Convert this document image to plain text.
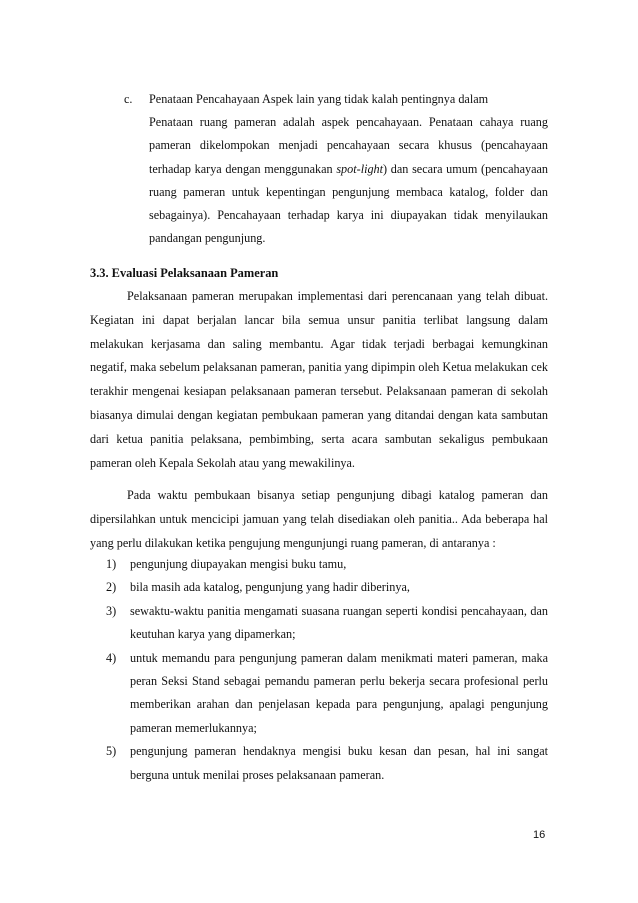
c.	Penataan Pencahayaan Aspek lain yang tidak kalah pentingnya dalam
Penataan ruang pameran adalah aspek pencahayaan. Penataan cahaya ruang pameran dikelompokan menjadi pencahayaan secara khusus (pencahayaan terhadap karya dengan menggunakan spot-light) dan secara umum (pencahayaan ruang pameran untuk kepentingan pengunjung membaca katalog, folder dan sebagainya). Pencahayaan terhadap karya ini diupayakan tidak menyilaukan pandangan pengunjung.
3.3. Evaluasi Pelaksanaan Pameran

Pelaksanaan pameran merupakan implementasi dari perencanaan yang telah dibuat. Kegiatan ini dapat berjalan lancar bila semua unsur panitia terlibat langsung dalam melakukan kerjasama dan saling membantu. Agar tidak terjadi berbagai kemungkinan negatif, maka sebelum pelaksanan pameran, panitia yang dipimpin oleh Ketua melakukan cek terakhir mengenai kesiapan pelaksanaan pameran tersebut. Pelaksanaan pameran di sekolah biasanya dimulai dengan kegiatan pembukaan pameran yang ditandai dengan kata sambutan dari ketua panitia pelaksana, pembimbing, serta acara sambutan sekaligus pembukaan pameran oleh Kepala Sekolah atau yang mewakilinya.

Pada waktu pembukaan bisanya setiap pengunjung dibagi katalog pameran dan dipersilahkan untuk mencicipi jamuan yang telah disediakan oleh panitia.. Ada beberapa hal yang perlu dilakukan ketika pengujung mengunjungi ruang pameran, di antaranya :

1) pengunjung diupayakan mengisi buku tamu,
2) bila masih ada katalog, pengunjung yang hadir diberinya,
3) sewaktu-waktu panitia mengamati suasana ruangan seperti kondisi pencahayaan, dan keutuhan karya yang dipamerkan;
4) untuk memandu para pengunjung pameran dalam menikmati materi pameran, maka peran Seksi Stand sebagai pemandu pameran perlu bekerja secara profesional perlu memberikan arahan dan penjelasan kepada para pengunjung, apalagi pengunjung pameran memerlukannya;
5) pengunjung pameran hendaknya mengisi buku kesan dan pesan, hal ini sangat berguna untuk menilai proses pelaksanaan pameran.
16
